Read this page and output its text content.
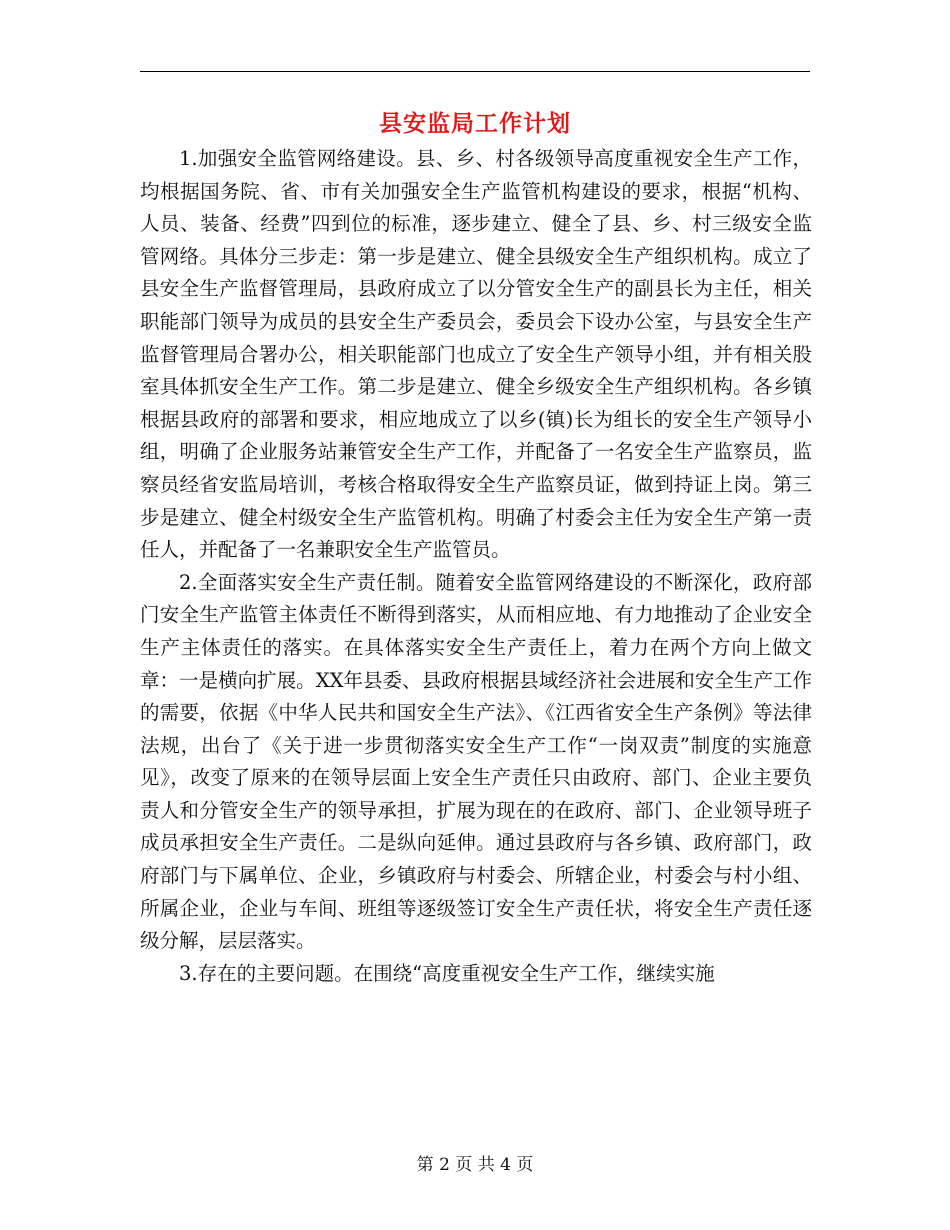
县安监局工作计划

1.加强安全监管网络建设。县、乡、村各级领导高度重视安全生产工作，均根据国务院、省、市有关加强安全生产监管机构建设的要求，根据“机构、人员、装备、经费”四到位的标准，逐步建立、健全了县、乡、村三级安全监管网络。具体分三步走：第一步是建立、健全县级安全生产组织机构。成立了县安全生产监督管理局，县政府成立了以分管安全生产的副县长为主任，相关职能部门领导为成员的县安全生产委员会，委员会下设办公室，与县安全生产监督管理局合署办公，相关职能部门也成立了安全生产领导小组，并有相关股室具体抓安全生产工作。第二步是建立、健全乡级安全生产组织机构。各乡镇根据县政府的部署和要求，相应地成立了以乡(镇)长为组长的安全生产领导小组，明确了企业服务站兼管安全生产工作，并配备了一名安全生产监察员，监察员经省安监局培训，考核合格取得安全生产监察员证，做到持证上岗。第三步是建立、健全村级安全生产监管机构。明确了村委会主任为安全生产第一责任人，并配备了一名兼职安全生产监管员。

2.全面落实安全生产责任制。随着安全监管网络建设的不断深化，政府部门安全生产监管主体责任不断得到落实，从而相应地、有力地推动了企业安全生产主体责任的落实。在具体落实安全生产责任上，着力在两个方向上做文章：一是横向扩展。XX年县委、县政府根据县域经济社会进展和安全生产工作的需要，依据《中华人民共和国安全生产法》、《江西省安全生产条例》等法律法规，出台了《关于进一步贯彻落实安全生产工作“一岗双责”制度的实施意见》，改变了原来的在领导层面上安全生产责任只由政府、部门、企业主要负责人和分管安全生产的领导承担，扩展为现在的在政府、部门、企业领导班子成员承担安全生产责任。二是纵向延伸。通过县政府与各乡镇、政府部门，政府部门与下属单位、企业，乡镇政府与村委会、所辖企业，村委会与村小组、所属企业，企业与车间、班组等逐级签订安全生产责任状，将安全生产责任逐级分解，层层落实。

3.存在的主要问题。在围绕“高度重视安全生产工作，继续实施

第 2 页 共 4 页
